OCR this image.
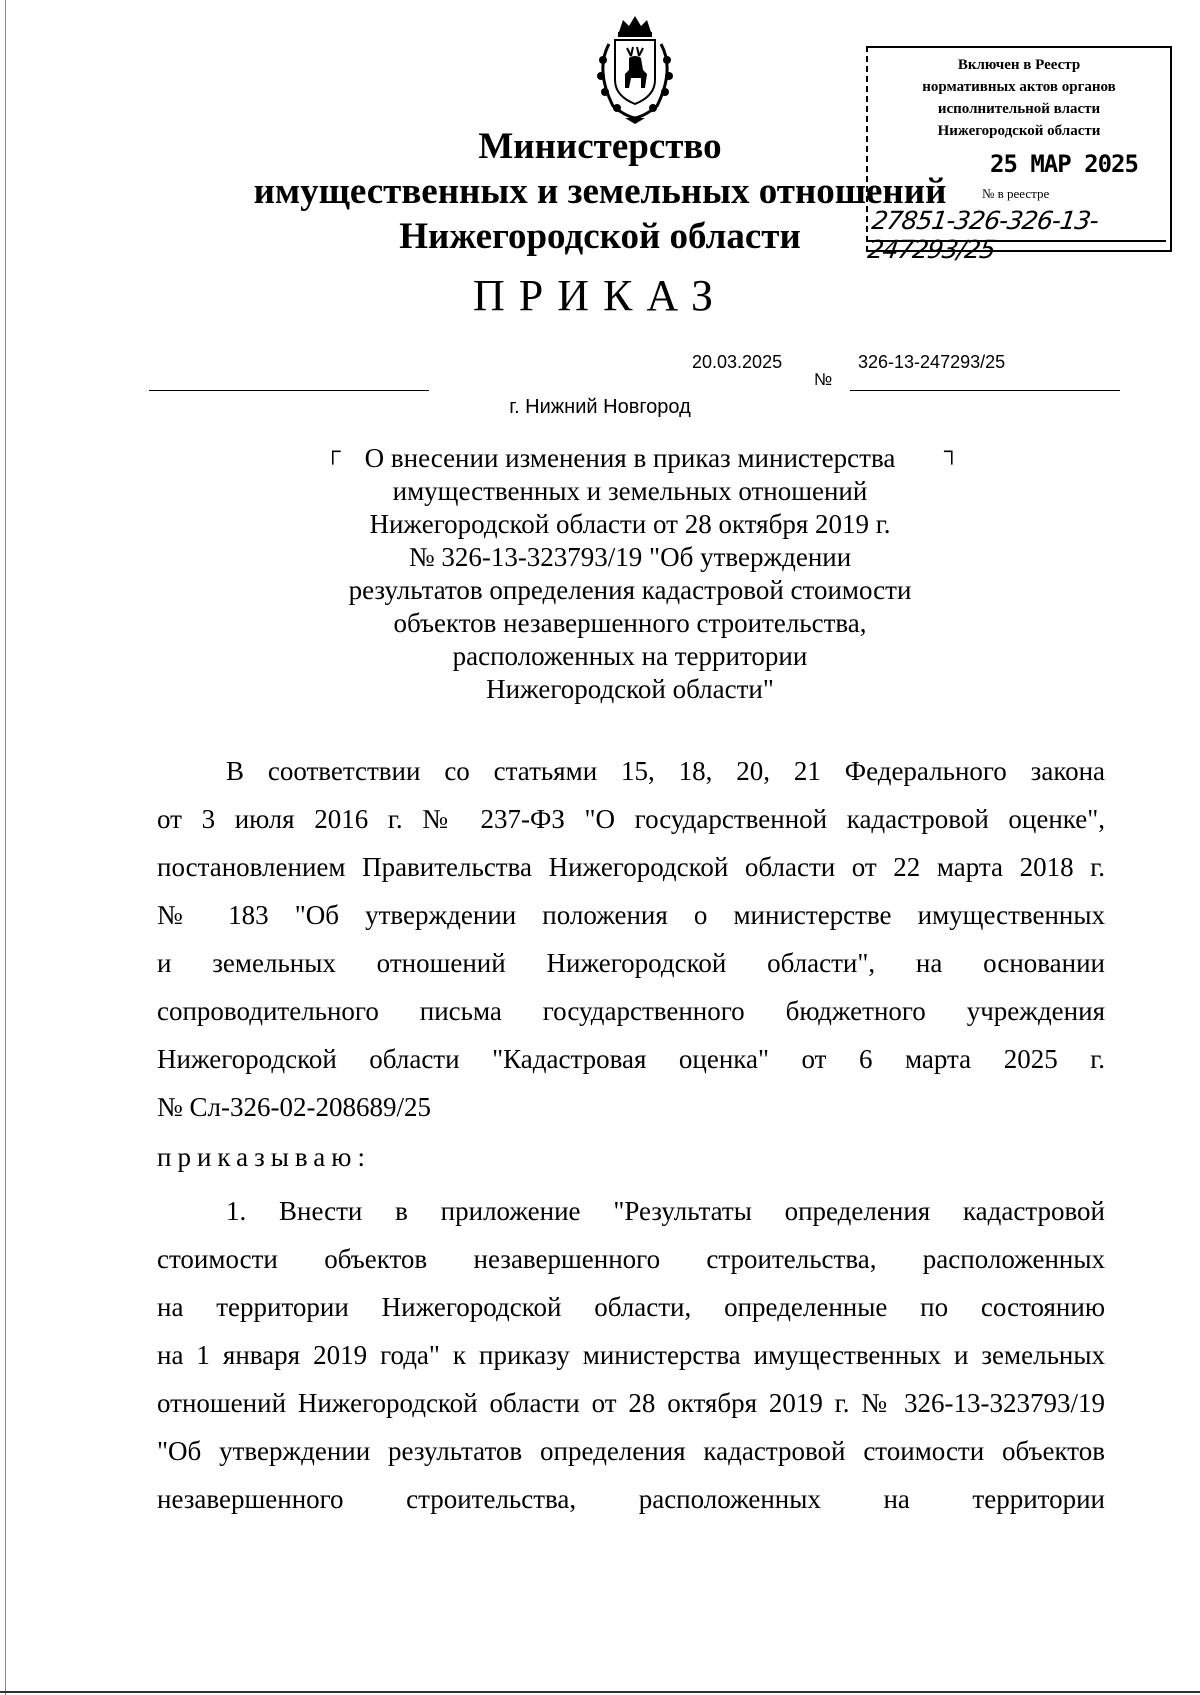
Министерство
имущественных и земельных отношений
Нижегородской области
Включен в Реестр
нормативных актов органов
исполнительной власти
Нижегородской области
25 МАР 2025
№ в реестре
27851-326-326-13-247293/25
ПРИКАЗ
20.03.2025
№
326-13-247293/25
г. Нижний Новгород
┌	┐
О внесении изменения в приказ министерства
имущественных и земельных отношений
Нижегородской области от 28 октября 2019 г.
№ 326-13-323793/19 "Об утверждении
результатов определения кадастровой стоимости
объектов незавершенного строительства,
расположенных на территории
Нижегородской области"
В соответствии со статьями 15, 18, 20, 21 Федерального закона
от 3 июля 2016 г. № 237-ФЗ "О государственной кадастровой оценке",
постановлением Правительства Нижегородской области от 22 марта 2018 г.
№ 183 "Об утверждении положения о министерстве имущественных
и земельных отношений Нижегородской области", на основании
сопроводительного письма государственного бюджетного учреждения
Нижегородской области "Кадастровая оценка" от 6 марта 2025 г.
№ Сл-326-02-208689/25
приказываю:
1. Внести в приложение "Результаты определения кадастровой
стоимости объектов незавершенного строительства, расположенных
на территории Нижегородской области, определенные по состоянию
на 1 января 2019 года" к приказу министерства имущественных и земельных
отношений Нижегородской области от 28 октября 2019 г. № 326-13-323793/19
"Об утверждении результатов определения кадастровой стоимости объектов
незавершенного строительства, расположенных на территории
